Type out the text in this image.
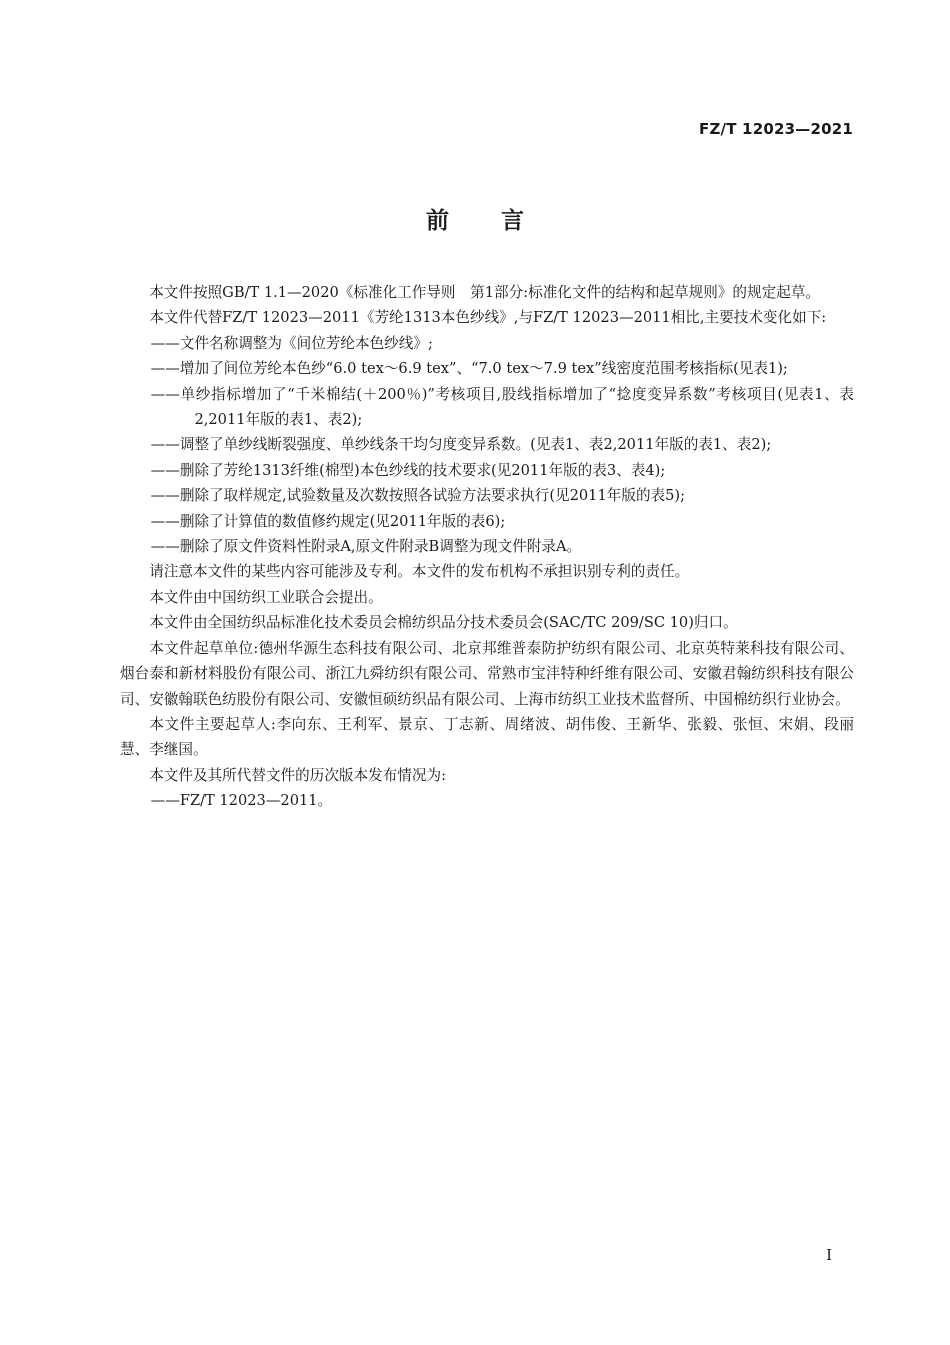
FZ/T 12023—2021
前言

本文件按照GB/T 1.1—2020《标准化工作导则　第1部分:标准化文件的结构和起草规则》的规定起草。

本文件代替FZ/T 12023—2011《芳纶1313本色纱线》,与FZ/T 12023—2011相比,主要技术变化如下:

——文件名称调整为《间位芳纶本色纱线》;

——增加了间位芳纶本色纱“6.0 tex～6.9 tex”、“7.0 tex～7.9 tex”线密度范围考核指标(见表1);

——单纱指标增加了“千米棉结(＋200％)”考核项目,股线指标增加了“捻度变异系数”考核项目(见表1、表2,2011年版的表1、表2);

——调整了单纱线断裂强度、单纱线条干均匀度变异系数。(见表1、表2,2011年版的表1、表2);

——删除了芳纶1313纤维(棉型)本色纱线的技术要求(见2011年版的表3、表4);

——删除了取样规定,试验数量及次数按照各试验方法要求执行(见2011年版的表5);

——删除了计算值的数值修约规定(见2011年版的表6);

——删除了原文件资料性附录A,原文件附录B调整为现文件附录A。

请注意本文件的某些内容可能涉及专利。本文件的发布机构不承担识别专利的责任。

本文件由中国纺织工业联合会提出。

本文件由全国纺织品标准化技术委员会棉纺织品分技术委员会(SAC/TC 209/SC 10)归口。

本文件起草单位:德州华源生态科技有限公司、北京邦维普泰防护纺织有限公司、北京英特莱科技有限公司、烟台泰和新材料股份有限公司、浙江九舜纺织有限公司、常熟市宝沣特种纤维有限公司、安徽君翰纺织科技有限公司、安徽翰联色纺股份有限公司、安徽恒硕纺织品有限公司、上海市纺织工业技术监督所、中国棉纺织行业协会。

本文件主要起草人:李向东、王利军、景京、丁志新、周绪波、胡伟俊、王新华、张毅、张恒、宋娟、段丽慧、李继国。

本文件及其所代替文件的历次版本发布情况为:

——FZ/T 12023—2011。

I
